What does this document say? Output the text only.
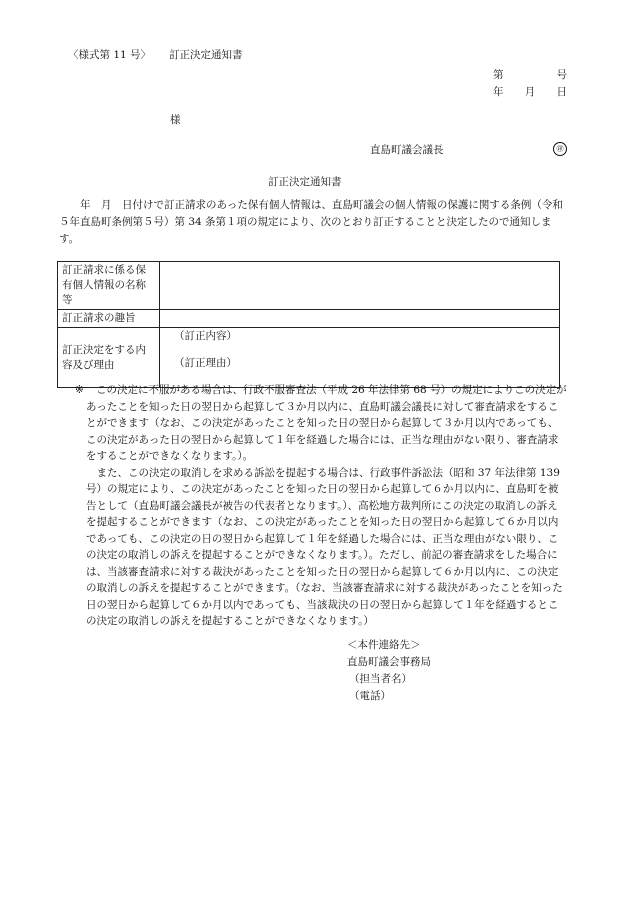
〈様式第 11 号〉 訂正決定通知書
第	号
年 月 日
様
直島町議会議長	㊞
訂正決定通知書

年　月　日付けで訂正請求のあった保有個人情報は、直島町議会の個人情報の保護に関する条例（令和５年直島町条例第５号）第 34 条第１項の規定により、次のとおり訂正することと決定したので通知します。

訂正請求に係る保有個人情報の名称等	
訂正請求の趣旨	
訂正決定をする内容及び理由	（訂正内容）
（訂正理由）

※ この決定に不服がある場合は、行政不服審査法（平成 26 年法律第 68 号）の規定によりこの決定があったことを知った日の翌日から起算して３か月以内に、直島町議会議長に対して審査請求をすることができます（なお、この決定があったことを知った日の翌日から起算して３か月以内であっても、この決定があった日の翌日から起算して１年を経過した場合には、正当な理由がない限り、審査請求をすることができなくなります。）。

また、この決定の取消しを求める訴訟を提起する場合は、行政事件訴訟法（昭和 37 年法律第 139 号）の規定により、この決定があったことを知った日の翌日から起算して６か月以内に、直島町を被告として（直島町議会議長が被告の代表者となります。）、高松地方裁判所にこの決定の取消しの訴えを提起することができます（なお、この決定があったことを知った日の翌日から起算して６か月以内であっても、この決定の日の翌日から起算して１年を経過した場合には、正当な理由がない限り、この決定の取消しの訴えを提起することができなくなります。）。ただし、前記の審査請求をした場合には、当該審査請求に対する裁決があったことを知った日の翌日から起算して６か月以内に、この決定の取消しの訴えを提起することができます。（なお、当該審査請求に対する裁決があったことを知った日の翌日から起算して６か月以内であっても、当該裁決の日の翌日から起算して１年を経過するとこの決定の取消しの訴えを提起することができなくなります。）

＜本件連絡先＞
直島町議会事務局
（担当者名）
（電話）
